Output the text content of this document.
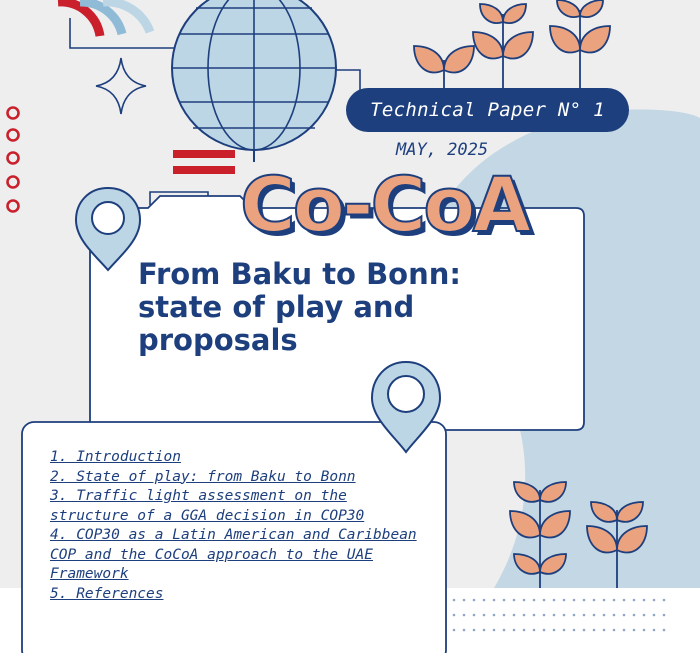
Technical Paper N° 1

MAY, 2025

Co-CoA

From Baku to Bonn: state of play and proposals
1. Introduction
2. State of play: from Baku to Bonn
3. Traffic light assessment on the structure of a GGA decision in COP30
4. COP30 as a Latin American and Caribbean COP and the CoCoA approach to the UAE Framework
5. References
